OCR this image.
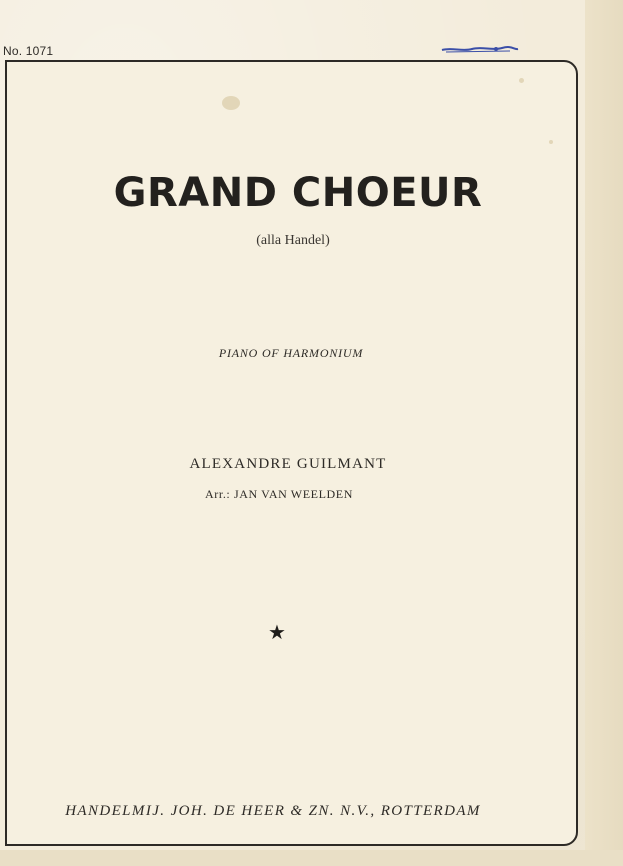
No. 1071
GRAND CHOEUR
(alla Handel)
PIANO OF HARMONIUM
ALEXANDRE GUILMANT
Arr.: JAN VAN WEELDEN
★
HANDELMIJ. JOH. DE HEER & ZN. N.V., ROTTERDAM
